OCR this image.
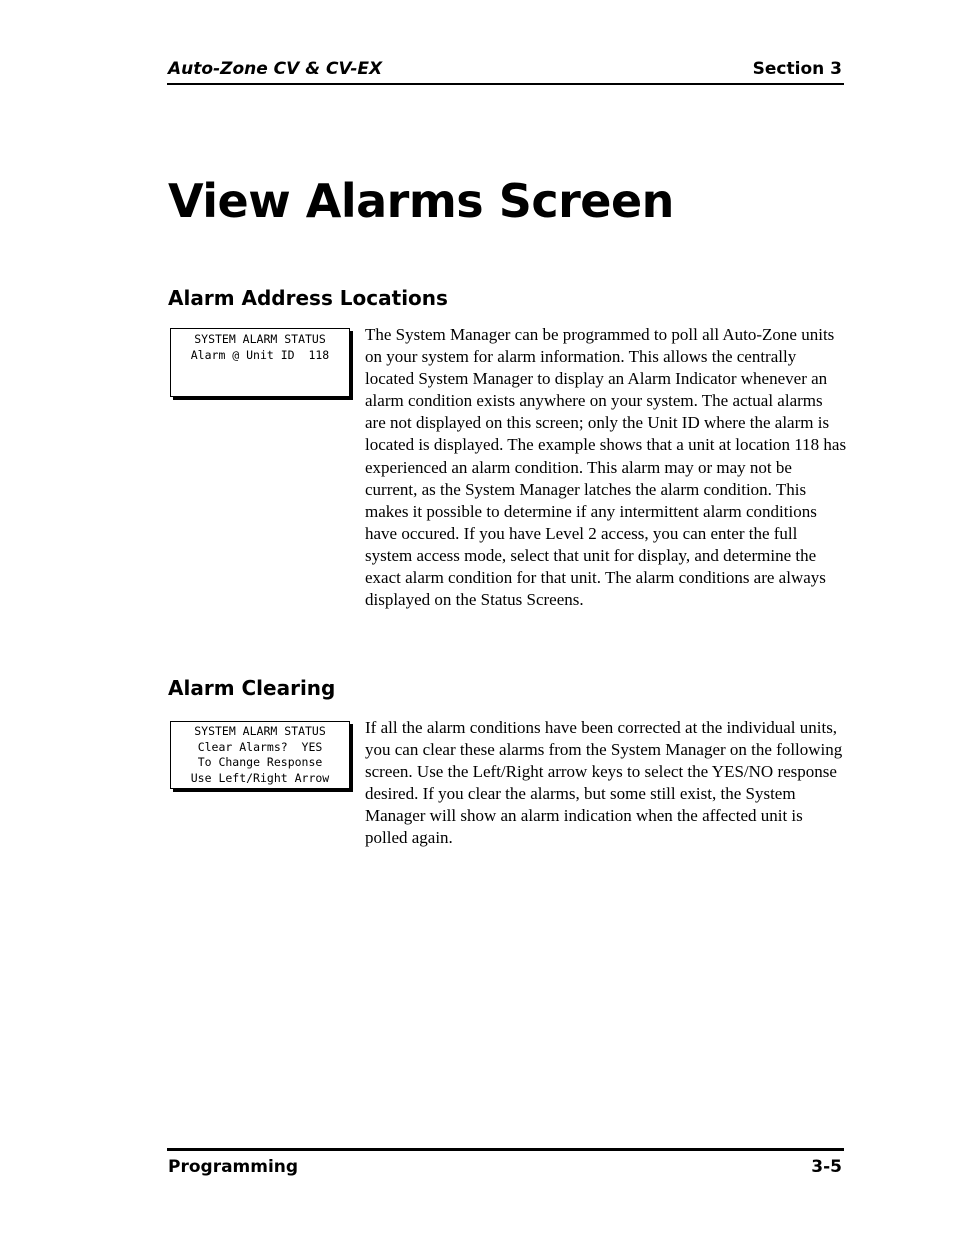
Auto-Zone CV & CV-EX	Section 3
View Alarms Screen
Alarm Address Locations
SYSTEM ALARM STATUS
Alarm @ Unit ID  118

The System Manager can be programmed to poll all Auto-Zone units on your system for alarm information. This allows the centrally located System Manager to display an Alarm Indicator whenever an alarm condition exists anywhere on your system. The actual alarms are not displayed on this screen; only the Unit ID where the alarm is located is displayed. The example shows that a unit at location 118 has experienced an alarm condition. This alarm may or may not be current, as the System Manager latches the alarm condition. This makes it possible to determine if any intermittent alarm conditions have occured. If you have Level 2 access, you can enter the full system access mode, select that unit for display, and determine the exact alarm condition for that unit. The alarm conditions are always displayed on the Status Screens.

Alarm Clearing
SYSTEM ALARM STATUS
Clear Alarms?  YES
To Change Response
Use Left/Right Arrow

If all the alarm conditions have been corrected at the individual units, you can clear these alarms from the System Manager on the following screen. Use the Left/Right arrow keys to select the YES/NO response desired. If you clear the alarms, but some still exist, the System Manager will show an alarm indication when the affected unit is polled again.

Programming	3-5
